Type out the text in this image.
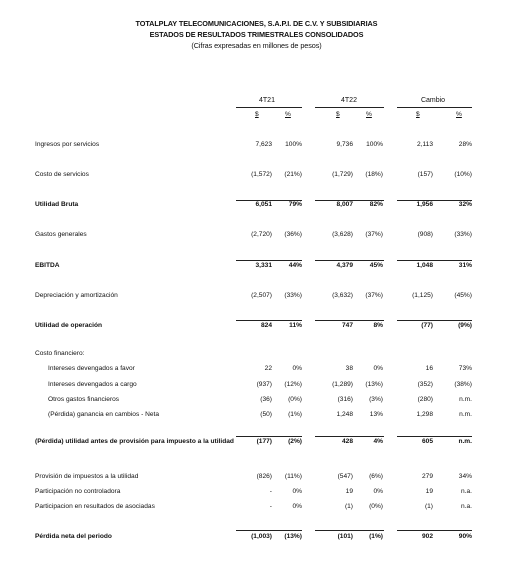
TOTALPLAY TELECOMUNICACIONES, S.A.P.I. DE C.V. Y SUBSIDIARIAS
ESTADOS DE RESULTADOS TRIMESTRALES CONSOLIDADOS
(Cifras expresadas en millones de pesos)
4T21	4T22	Cambio
$	%	$	%	$	%
Ingresos por servicios	7,623 100%	9,736 100%	2,113	28%
Costo de servicios	(1,572) (21%)	(1,729) (18%)	(157)	(10%)
Utilidad Bruta	6,051	79%	8,007	82%	1,956	32%
Gastos generales	(2,720) (36%)	(3,628) (37%)	(908)	(33%)
EBITDA	3,331	44%	4,379	45%	1,048	31%
Depreciación y amortización	(2,507) (33%)	(3,632) (37%)	(1,125)	(45%)
Utilidad de operación	824	11%	747	8%	(77)	(9%)
Intereses devengados a favor	22	0%	38	0%	16	73%
Intereses devengados a cargo	(937) (12%)	(1,289) (13%)	(352)	(38%)
Otros gastos financieros	(36) (0%)	(316) (3%)	(280)	n.m.
(Pérdida) ganancia en cambios - Neta	(50) (1%)	1,248	13%	1,298	n.m.
(Pérdida) utilidad antes de provisión para impuesto a la utilidad	(177) (2%)	428	4%	605	n.m.
Provisión de impuestos a la utilidad	(826) (11%)	(547) (6%)	279	34%
Participación no controladora	-	0%	19	0%	19	n.a.
Participacion en resultados de asociadas	-	0%	(1) (0%)	(1)	n.a.
Pérdida neta del periodo	(1,003) (13%)	(101) (1%)	902	90%
Costo financiero:
